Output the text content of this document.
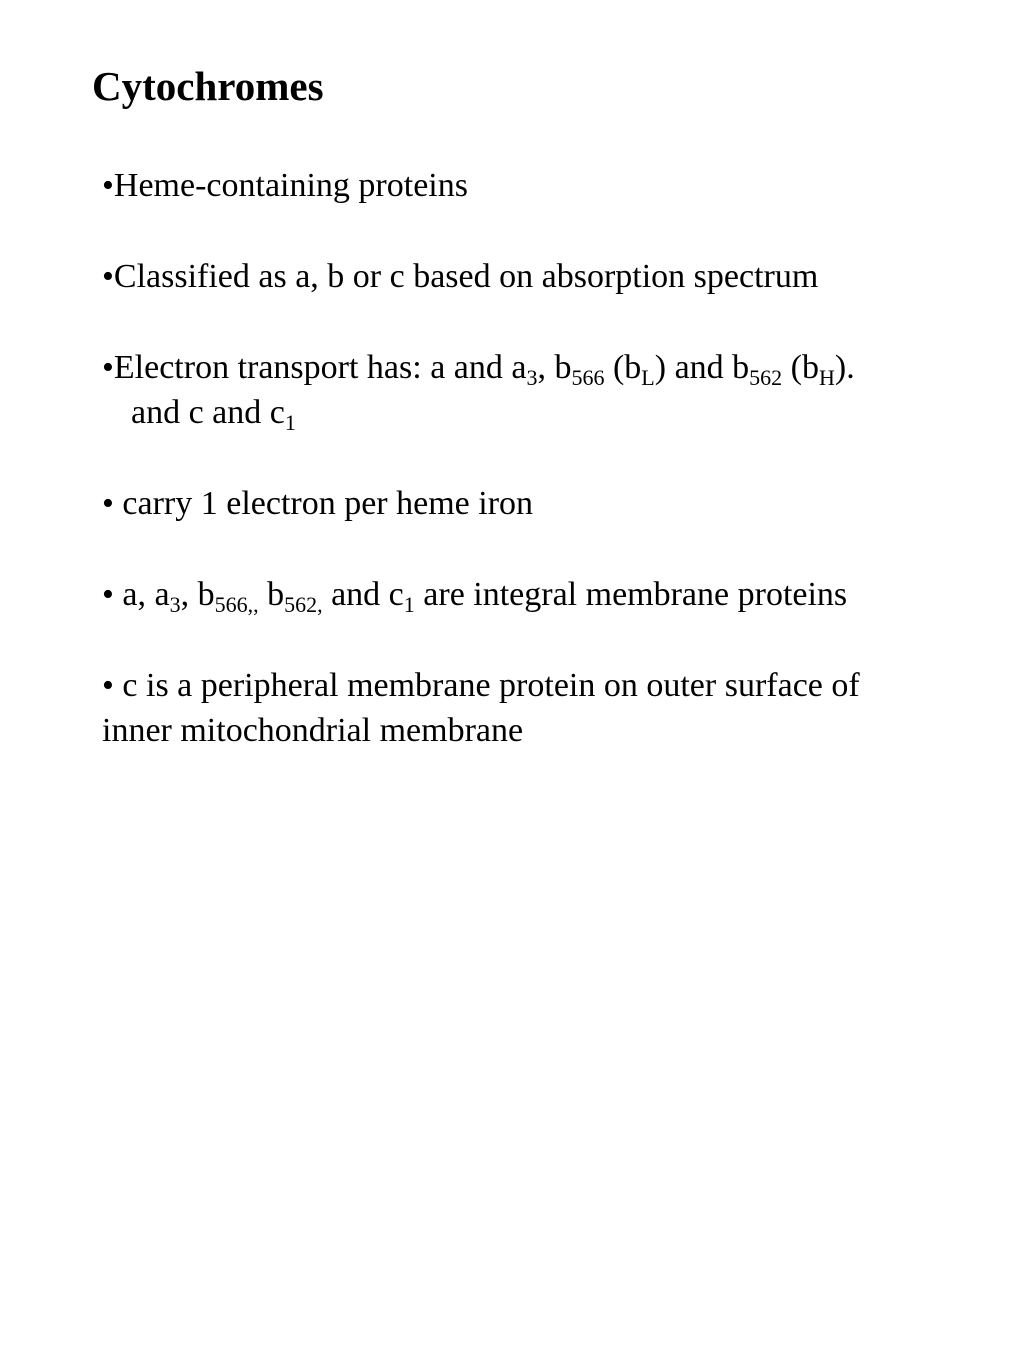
Cytochromes
•Heme-containing proteins
•Classified as a, b or c based on absorption spectrum
•Electron transport has: a and $a_3$, $b_{566}$ $(b_L)$ and $b_{562}$ $(b_H)$.
and c and $c_1$
• carry 1 electron per heme iron
• a, $a_3$, $b_{566,,}$ $b_{562,}$ and $c_1$ are integral membrane proteins
• c is a peripheral membrane protein on outer surface of
inner mitochondrial membrane
